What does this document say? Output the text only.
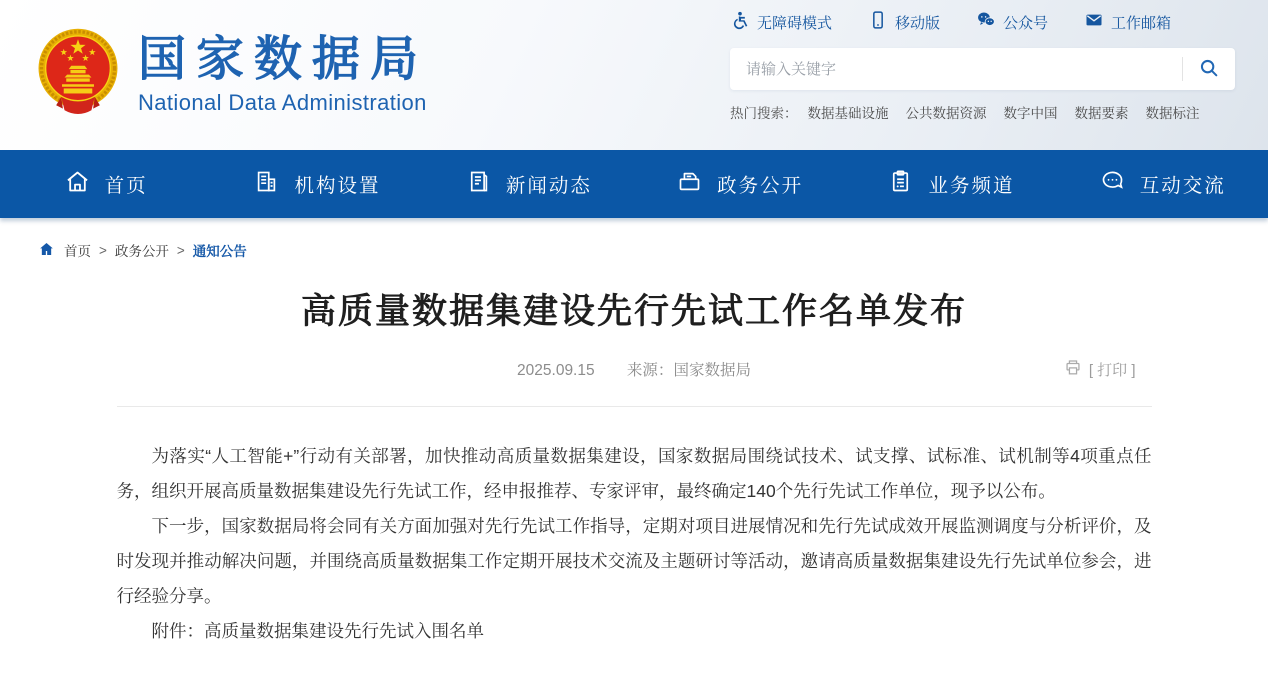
国家数据局
National Data Administration
无障碍模式	移动版	公众号	工作邮箱
请输入关键字
热门搜索： 数据基础设施 公共数据资源 数字中国 数据要素 数据标注
首页	机构设置	新闻动态	政务公开	业务频道	互动交流
首页 > 政务公开 > 通知公告
高质量数据集建设先行先试工作名单发布
2025.09.15 来源：国家数据局	[ 打印 ]

为落实“人工智能+”行动有关部署，加快推动高质量数据集建设，国家数据局围绕试技术、试支撑、试标准、试机制等4项重点任务，组织开展高质量数据集建设先行先试工作，经申报推荐、专家评审，最终确定140个先行先试工作单位，现予以公布。

下一步，国家数据局将会同有关方面加强对先行先试工作指导，定期对项目进展情况和先行先试成效开展监测调度与分析评价，及时发现并推动解决问题，并围绕高质量数据集工作定期开展技术交流及主题研讨等活动，邀请高质量数据集建设先行先试单位参会，进行经验分享。

附件：高质量数据集建设先行先试入围名单
